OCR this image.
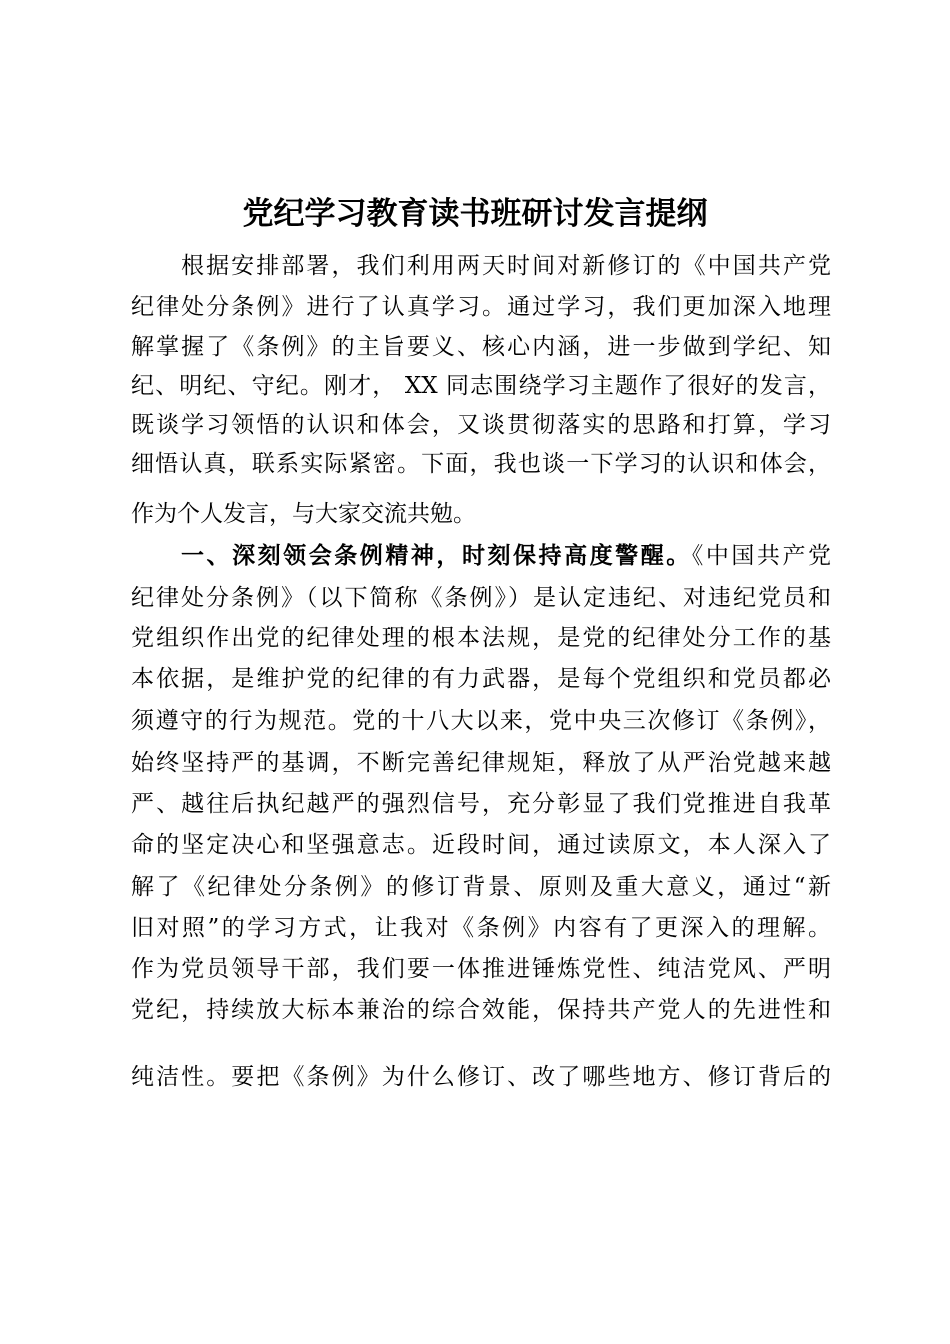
党纪学习教育读书班研讨发言提纲
根据安排部署，我们利用两天时间对新修订的《中国共产党
纪律处分条例》进行了认真学习。通过学习，我们更加深入地理
解掌握了《条例》的主旨要义、核心内涵，进一步做到学纪、知
纪、明纪、守纪。刚才， XX 同志围绕学习主题作了很好的发言，
既谈学习领悟的认识和体会，又谈贯彻落实的思路和打算，学习
细悟认真，联系实际紧密。下面，我也谈一下学习的认识和体会，
作为个人发言，与大家交流共勉。
一、深刻领会条例精神，时刻保持高度警醒。《中国共产党
纪律处分条例》（以下简称《条例》）是认定违纪、对违纪党员和
党组织作出党的纪律处理的根本法规，是党的纪律处分工作的基
本依据，是维护党的纪律的有力武器，是每个党组织和党员都必
须遵守的行为规范。党的十八大以来，党中央三次修订《条例》，
始终坚持严的基调，不断完善纪律规矩，释放了从严治党越来越
严、越往后执纪越严的强烈信号，充分彰显了我们党推进自我革
命的坚定决心和坚强意志。近段时间，通过读原文，本人深入了
解了《纪律处分条例》的修订背景、原则及重大意义，通过“新
旧对照”的学习方式，让我对《条例》内容有了更深入的理解。
作为党员领导干部，我们要一体推进锤炼党性、纯洁党风、严明
党纪，持续放大标本兼治的综合效能，保持共产党人的先进性和
纯洁性。要把《条例》为什么修订、改了哪些地方、修订背后的
